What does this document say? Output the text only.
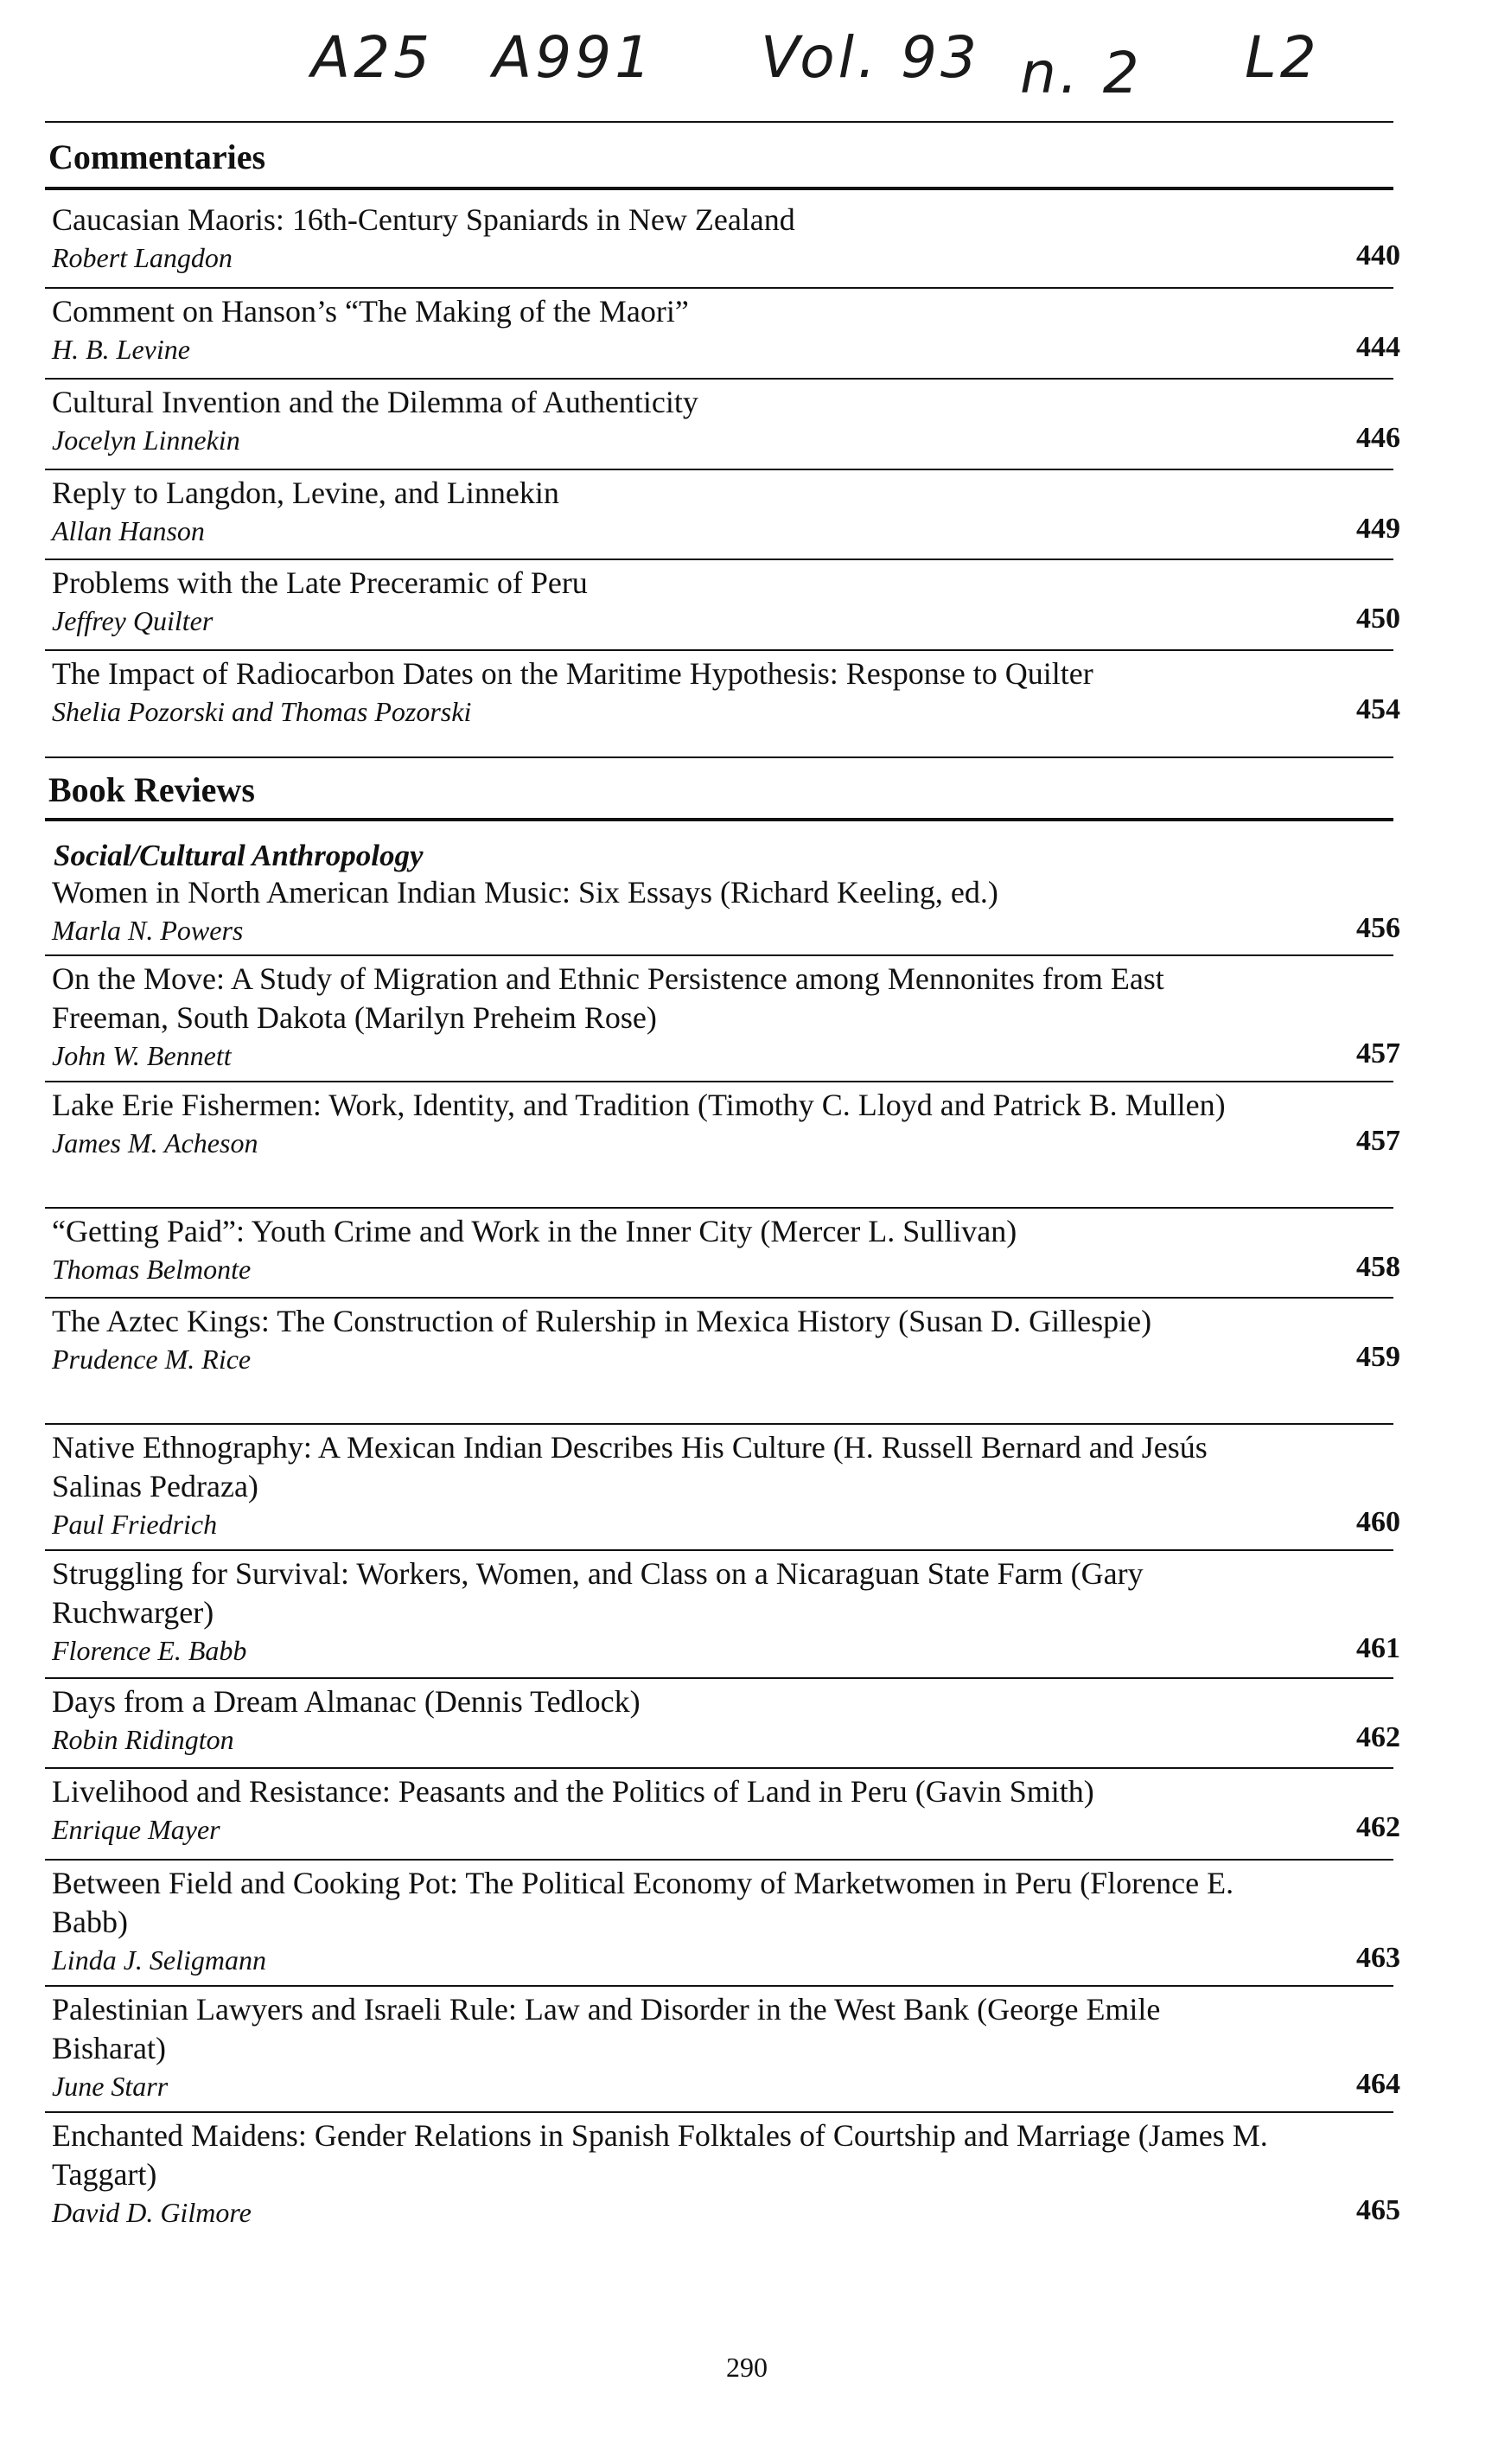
A25 A991 Vol. 93 n. 2 L2
Commentaries
Caucasian Maoris: 16th-Century Spaniards in New Zealand
Robert Langdon	440
Comment on Hanson’s “The Making of the Maori”
H. B. Levine	444
Cultural Invention and the Dilemma of Authenticity
Jocelyn Linnekin	446
Reply to Langdon, Levine, and Linnekin
Allan Hanson	449
Problems with the Late Preceramic of Peru
Jeffrey Quilter	450
The Impact of Radiocarbon Dates on the Maritime Hypothesis: Response to Quilter
Shelia Pozorski and Thomas Pozorski	454
Book Reviews
Social/Cultural Anthropology
Women in North American Indian Music: Six Essays (Richard Keeling, ed.)
Marla N. Powers	456
On the Move: A Study of Migration and Ethnic Persistence among Mennonites from East Freeman, South Dakota (Marilyn Preheim Rose)
John W. Bennett	457
Lake Erie Fishermen: Work, Identity, and Tradition (Timothy C. Lloyd and Patrick B. Mullen)
James M. Acheson	457
“Getting Paid”: Youth Crime and Work in the Inner City (Mercer L. Sullivan)
Thomas Belmonte	458
The Aztec Kings: The Construction of Rulership in Mexica History (Susan D. Gillespie)
Prudence M. Rice	459
Native Ethnography: A Mexican Indian Describes His Culture (H. Russell Bernard and Jesús Salinas Pedraza)
Paul Friedrich	460
Struggling for Survival: Workers, Women, and Class on a Nicaraguan State Farm (Gary Ruchwarger)
Florence E. Babb	461
Days from a Dream Almanac (Dennis Tedlock)
Robin Ridington	462
Livelihood and Resistance: Peasants and the Politics of Land in Peru (Gavin Smith)
Enrique Mayer	462
Between Field and Cooking Pot: The Political Economy of Marketwomen in Peru (Florence E. Babb)
Linda J. Seligmann	463
Palestinian Lawyers and Israeli Rule: Law and Disorder in the West Bank (George Emile Bisharat)
June Starr	464
Enchanted Maidens: Gender Relations in Spanish Folktales of Courtship and Marriage (James M. Taggart)
David D. Gilmore	465
290
